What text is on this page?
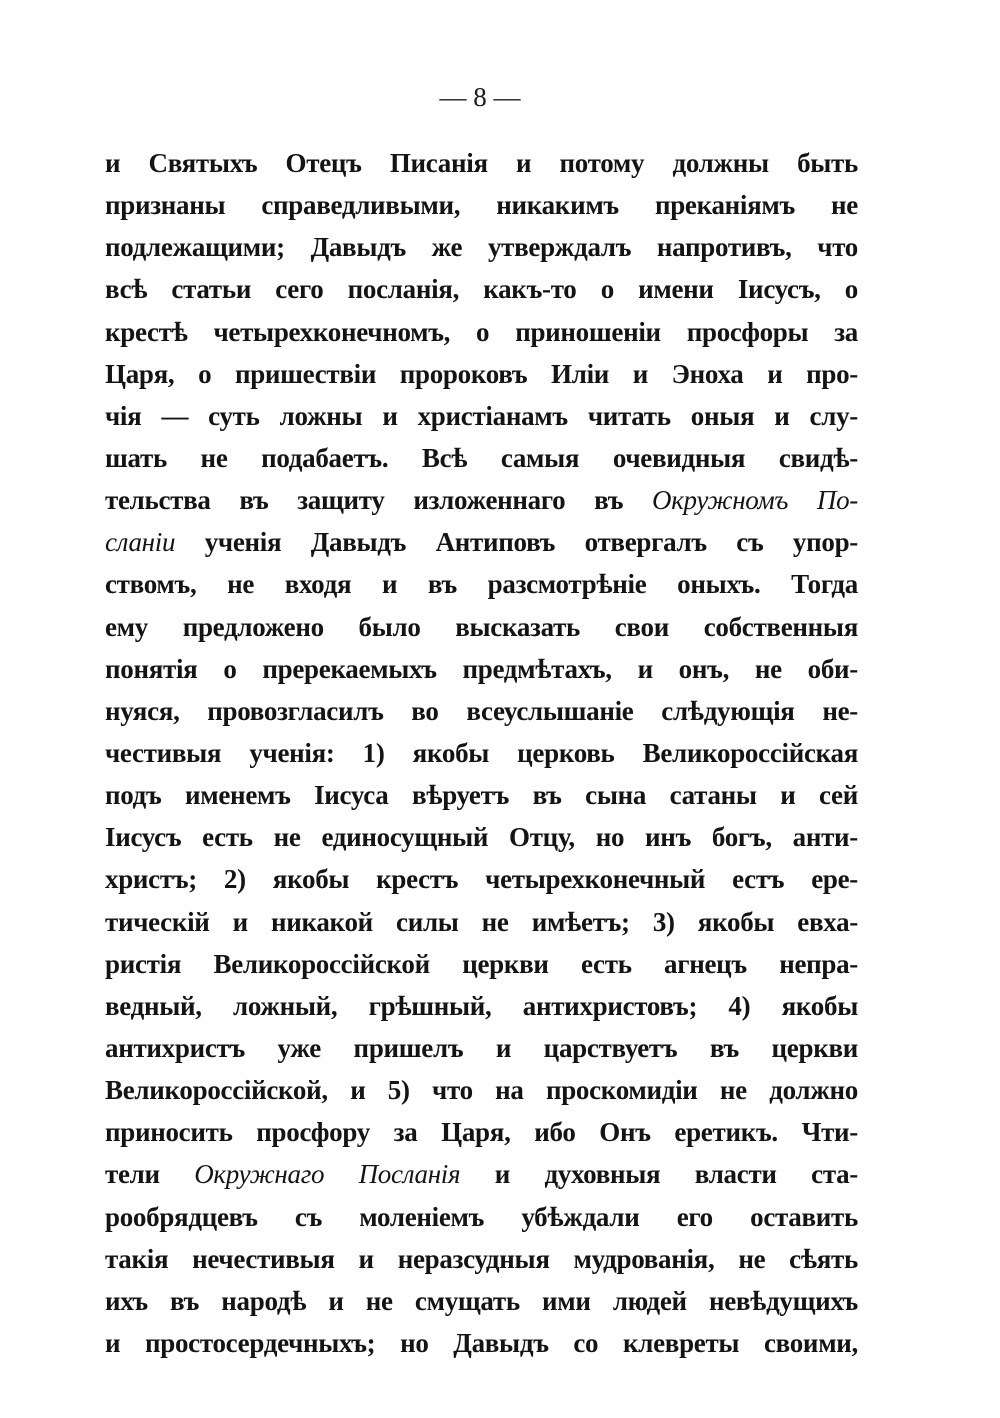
— 8 —
и Святыхъ Отецъ Писанія и потому должны быть
признаны справедливыми, никакимъ преканіямъ не
подлежащими; Давыдъ же утверждалъ напротивъ, что
всѣ статьи сего посланія, какъ-то о имени Іисусъ, о
крестѣ четырехконечномъ, о приношеніи просфоры за
Царя, о пришествіи пророковъ Иліи и Эноха и про-
чія — суть ложны и христіанамъ читать оныя и слу-
шать не подабаетъ. Всѣ самыя очевидныя свидѣ-
тельства въ защиту изложеннаго въ Окружномъ По-
сланіи ученія Давыдъ Антиповъ отвергалъ съ упор-
ствомъ, не входя и въ разсмотрѣніе оныхъ. Тогда
ему предложено было высказать свои собственныя
понятія о пререкаемыхъ предмѣтахъ, и онъ, не оби-
нуяся, провозгласилъ во всеуслышаніе слѣдующія не-
честивыя ученія: 1) якобы церковь Великороссійская
подъ именемъ Іисуса вѣруетъ въ сына сатаны и сей
Іисусъ есть не единосущный Отцу, но инъ богъ, анти-
христъ; 2) якобы крестъ четырехконечный естъ ере-
тическій и никакой силы не имѣетъ; 3) якобы евха-
ристія Великороссійской церкви есть агнецъ непра-
ведный, ложный, грѣшный, антихристовъ; 4) якобы
антихристъ уже пришелъ и царствуетъ въ церкви
Великороссійской, и 5) что на проскомидіи не должно
приносить просфору за Царя, ибо Онъ еретикъ. Чти-
тели Окружнаго Посланія и духовныя власти ста-
рообрядцевъ съ моленіемъ убѣждали его оставить
такія нечестивыя и неразсудныя мудрованія, не сѣять
ихъ въ народѣ и не смущать ими людей невѣдущихъ
и простосердечныхъ; но Давыдъ со клевреты своими,
